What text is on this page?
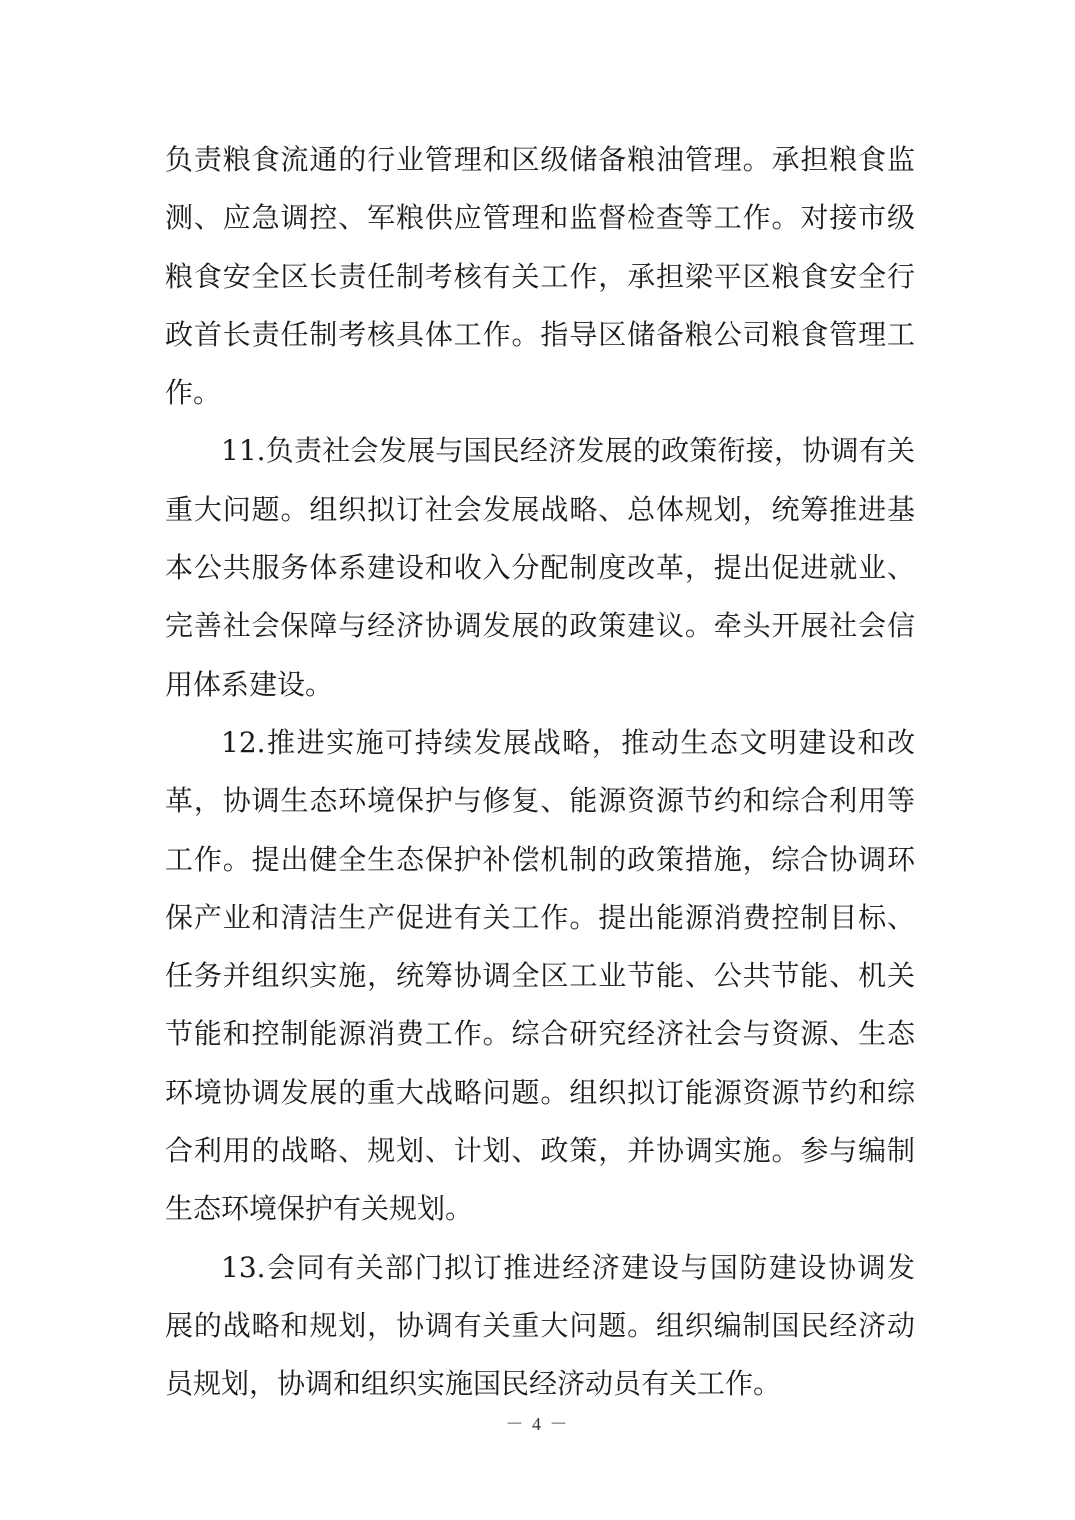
负责粮食流通的行业管理和区级储备粮油管理。承担粮食监
测、应急调控、军粮供应管理和监督检查等工作。对接市级
粮食安全区长责任制考核有关工作，承担梁平区粮食安全行
政首长责任制考核具体工作。指导区储备粮公司粮食管理工
作。
11.负责社会发展与国民经济发展的政策衔接，协调有关
重大问题。组织拟订社会发展战略、总体规划，统筹推进基
本公共服务体系建设和收入分配制度改革，提出促进就业、
完善社会保障与经济协调发展的政策建议。牵头开展社会信
用体系建设。
12.推进实施可持续发展战略，推动生态文明建设和改
革，协调生态环境保护与修复、能源资源节约和综合利用等
工作。提出健全生态保护补偿机制的政策措施，综合协调环
保产业和清洁生产促进有关工作。提出能源消费控制目标、
任务并组织实施，统筹协调全区工业节能、公共节能、机关
节能和控制能源消费工作。综合研究经济社会与资源、生态
环境协调发展的重大战略问题。组织拟订能源资源节约和综
合利用的战略、规划、计划、政策，并协调实施。参与编制
生态环境保护有关规划。
13.会同有关部门拟订推进经济建设与国防建设协调发
展的战略和规划，协调有关重大问题。组织编制国民经济动
员规划，协调和组织实施国民经济动员有关工作。
－ 4 －
